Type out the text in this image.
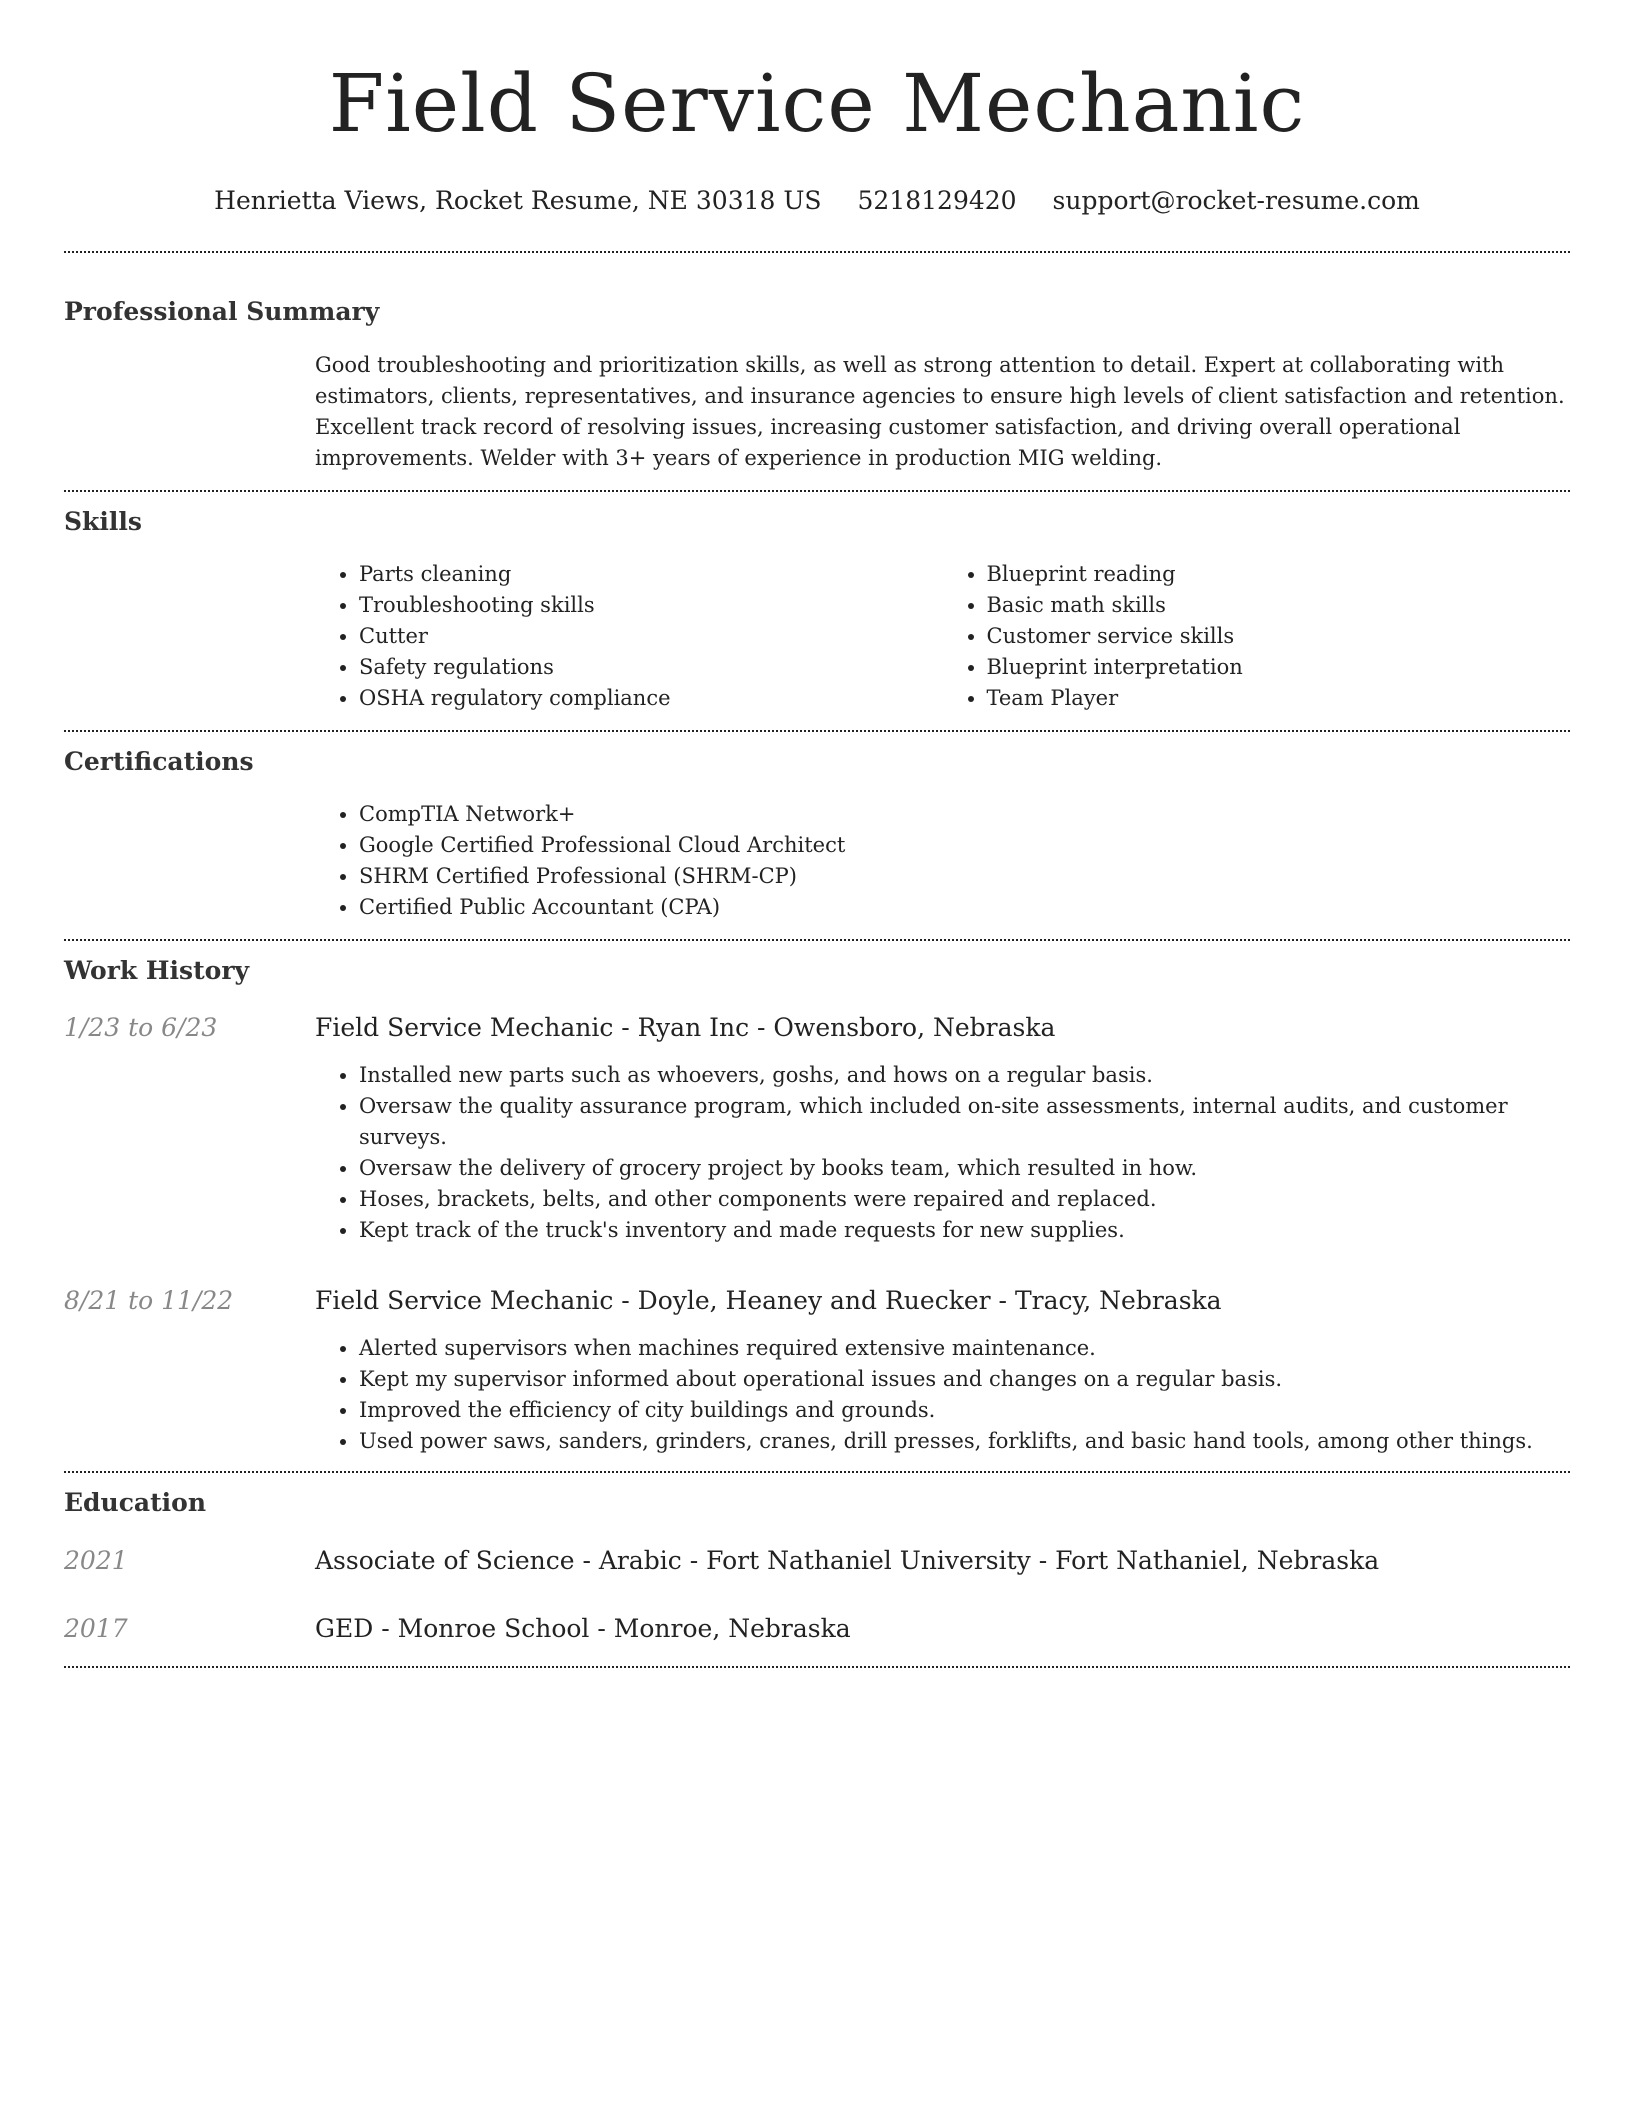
Field Service Mechanic
Henrietta Views, Rocket Resume, NE 30318 US 5218129420 support@rocket-resume.com
Professional Summary

Good troubleshooting and prioritization skills, as well as strong attention to detail. Expert at collaborating with estimators, clients, representatives, and insurance agencies to ensure high levels of client satisfaction and retention. Excellent track record of resolving issues, increasing customer satisfaction, and driving overall operational improvements. Welder with 3+ years of experience in production MIG welding.

Skills
• Parts cleaning
• Troubleshooting skills
• Cutter
• Safety regulations
• OSHA regulatory compliance
• Blueprint reading
• Basic math skills
• Customer service skills
• Blueprint interpretation
• Team Player
Certifications
• CompTIA Network+
• Google Certified Professional Cloud Architect
• SHRM Certified Professional (SHRM-CP)
• Certified Public Accountant (CPA)
Work History
1/23 to 6/23	Field Service Mechanic - Ryan Inc - Owensboro, Nebraska
• Installed new parts such as whoevers, goshs, and hows on a regular basis.
• Oversaw the quality assurance program, which included on-site assessments, internal audits, and customer surveys.
• Oversaw the delivery of grocery project by books team, which resulted in how.
• Hoses, brackets, belts, and other components were repaired and replaced.
• Kept track of the truck's inventory and made requests for new supplies.
8/21 to 11/22	Field Service Mechanic - Doyle, Heaney and Ruecker - Tracy, Nebraska
• Alerted supervisors when machines required extensive maintenance.
• Kept my supervisor informed about operational issues and changes on a regular basis.
• Improved the efficiency of city buildings and grounds.
• Used power saws, sanders, grinders, cranes, drill presses, forklifts, and basic hand tools, among other things.
Education
2021	Associate of Science - Arabic - Fort Nathaniel University - Fort Nathaniel, Nebraska
2017	GED - Monroe School - Monroe, Nebraska
